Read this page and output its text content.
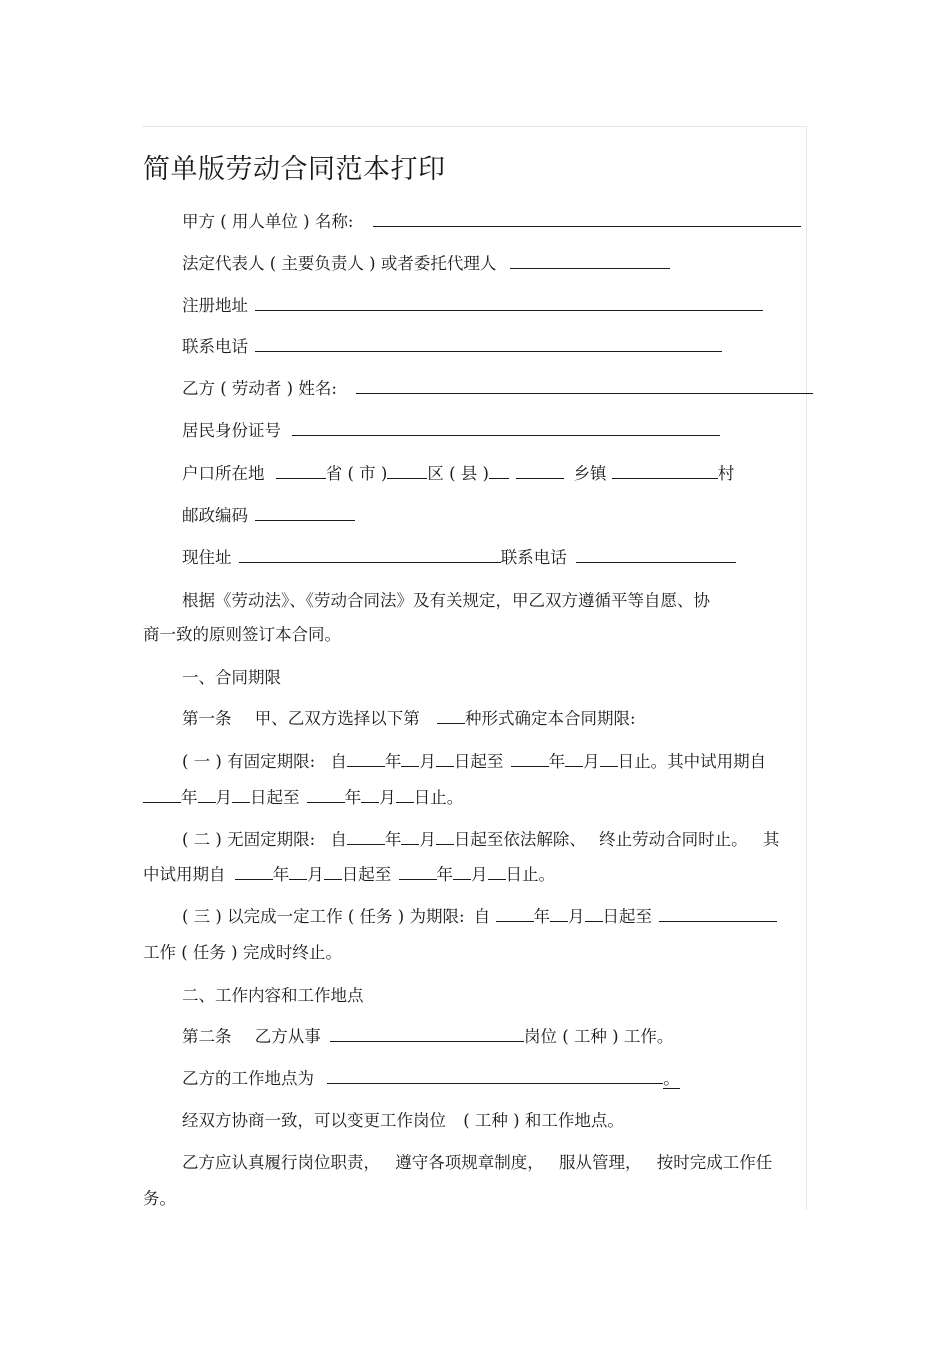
简单版劳动合同范本打印
甲方 ( 用人单位 ) 名称:
法定代表人 ( 主要负责人 ) 或者委托代理人
注册地址
联系电话
乙方 ( 劳动者 ) 姓名:
居民身份证号
户口所在地	省 ( 市 ) 区 ( 县 )	乡镇	村
邮政编码
现住址	联系电话
根据《劳动法》、《劳动合同法》及有关规定，甲乙双方遵循平等自愿、协
商一致的原则签订本合同。
一、合同期限
第一条 甲、乙双方选择以下第	种形式确定本合同期限:
( 一 ) 有固定期限: 自 年 月 日起至	年 月 日止。其中试用期自
年 月 日起至	年 月 日止。
( 二 ) 无固定期限: 自 年 月 日起至依法解除、 终止劳动合同时止。 其
中试用期自	年 月 日起至	年 月 日止。
( 三 ) 以完成一定工作 ( 任务 ) 为期限: 自	年 月 日起至
工作 ( 任务 ) 完成时终止。
二、工作内容和工作地点
第二条 乙方从事	岗位 ( 工种 ) 工作。
乙方的工作地点为	。
经双方协商一致，可以变更工作岗位 ( 工种 ) 和工作地点。
乙方应认真履行岗位职责， 遵守各项规章制度， 服从管理， 按时完成工作任
务。
